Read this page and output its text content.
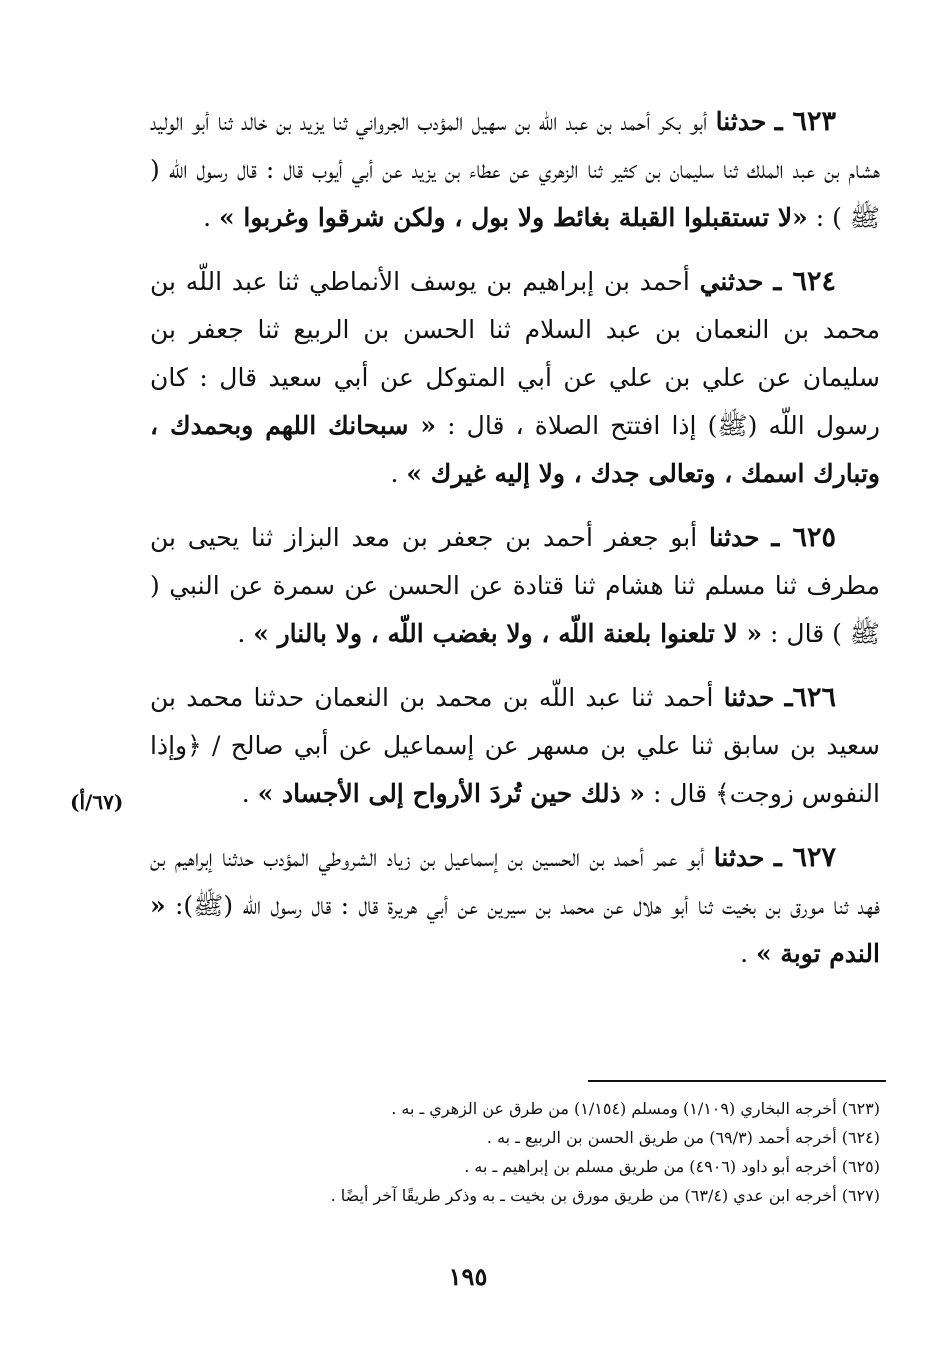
٦٢٣ ـ حدثنا أبو بكر أحمد بن عبد اللّه بن سهيل المؤدب الجرواني ثنا يزيد بن خالد ثنا أبو الوليد هشام بن عبد الملك ثنا سليمان بن كثير ثنا الزهري عن عطاء بن يزيد عن أبي أيوب قال : قال رسول اللّه ( ﷺ ) : «لا تستقبلوا القبلة بغائط ولا بول ، ولكن شرقوا وغربوا » .

٦٢٤ ـ حدثني أحمد بن إبراهيم بن يوسف الأنماطي ثنا عبد اللّه بن محمد بن النعمان بن عبد السلام ثنا الحسن بن الربيع ثنا جعفر بن سليمان عن علي بن علي عن أبي المتوكل عن أبي سعيد قال : كان رسول اللّه (ﷺ) إذا افتتح الصلاة ، قال : « سبحانك اللهم وبحمدك ، وتبارك اسمك ، وتعالى جدك ، ولا إليه غيرك » .

٦٢٥ ـ حدثنا أبو جعفر أحمد بن جعفر بن معد البزاز ثنا يحيى بن مطرف ثنا مسلم ثنا هشام ثنا قتادة عن الحسن عن سمرة عن النبي ( ﷺ ) قال : « لا تلعنوا بلعنة اللّه ، ولا بغضب اللّه ، ولا بالنار » .

٦٢٦ـ حدثنا أحمد ثنا عبد اللّه بن محمد بن النعمان حدثنا محمد بن سعيد بن سابق ثنا علي بن مسهر عن إسماعيل عن أبي صالح / ﴿وإذا النفوس زوجت﴾ قال : « ذلك حين تُردَ الأرواح إلى الأجساد » .

٦٢٧ ـ حدثنا أبو عمر أحمد بن الحسين بن إسماعيل بن زياد الشروطي المؤدب حدثنا إبراهيم بن فهد ثنا مورق بن بخيت ثنا أبو هلال عن محمد بن سيرين عن أبي هريرة قال : قال رسول اللّه (ﷺ): « الندم توبة » .

(٦٧/أ)

(٦٢٣) أخرجه البخاري (١/١٠٩) ومسلم (١/١٥٤) من طرق عن الزهري ـ به .

(٦٢٤) أخرجه أحمد (٦٩/٣) من طريق الحسن بن الربيع ـ به .

(٦٢٥) أخرجه أبو داود (٤٩٠٦) من طريق مسلم بن إبراهيم ـ به .

(٦٢٧) أخرجه ابن عدي (٦٣/٤) من طريق مورق بن بخيت ـ به وذكر طريقًا آخر أيضًا .

١٩٥
